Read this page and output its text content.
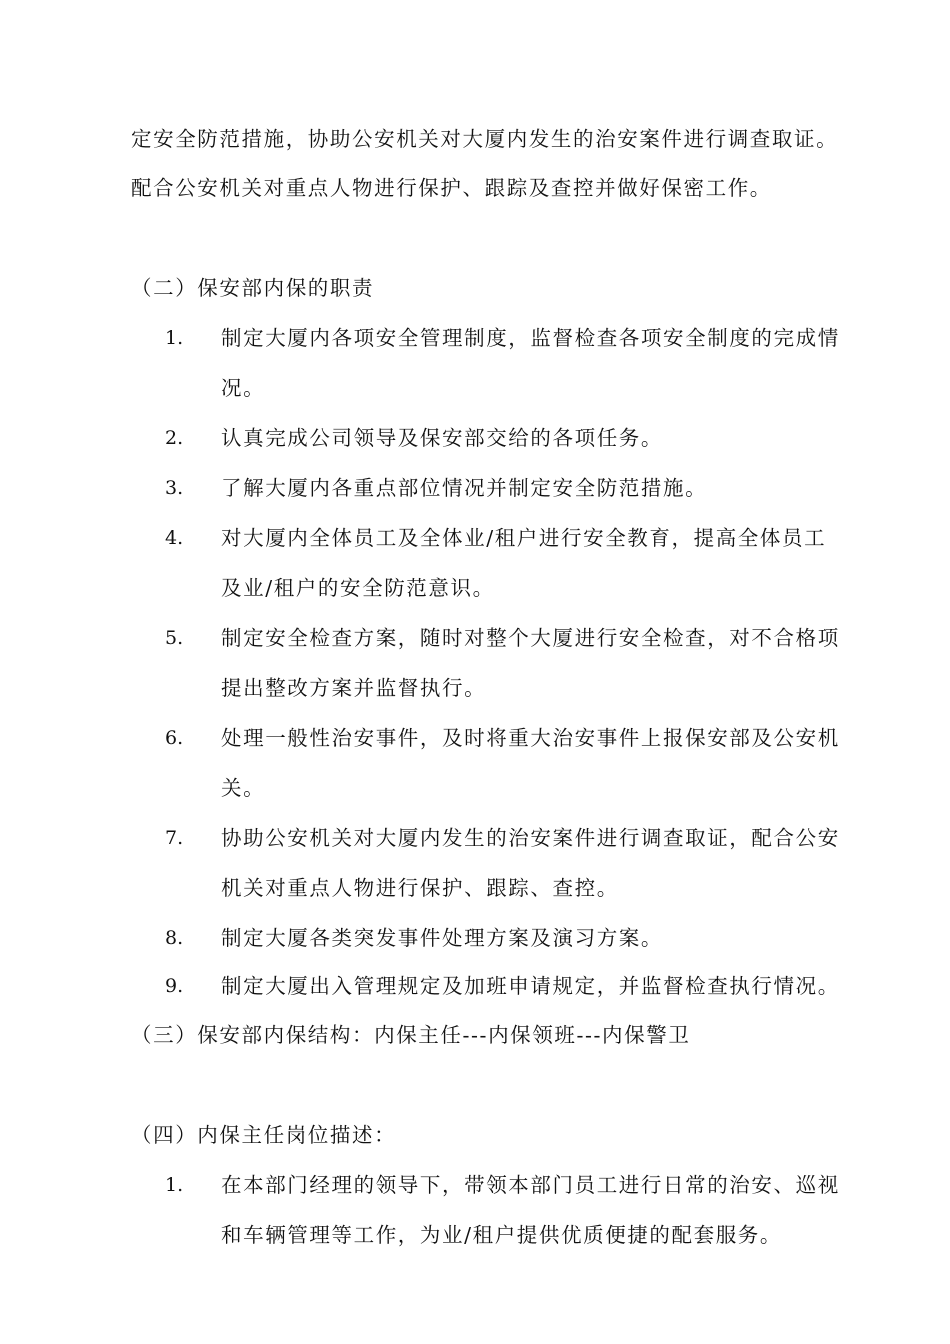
定安全防范措施，协助公安机关对大厦内发生的治安案件进行调查取证。
配合公安机关对重点人物进行保护、跟踪及查控并做好保密工作。
（二）保安部内保的职责
1. 制定大厦内各项安全管理制度，监督检查各项安全制度的完成情
况。
2. 认真完成公司领导及保安部交给的各项任务。
3. 了解大厦内各重点部位情况并制定安全防范措施。
4. 对大厦内全体员工及全体业/租户进行安全教育，提高全体员工
及业/租户的安全防范意识。
5. 制定安全检查方案，随时对整个大厦进行安全检查，对不合格项
提出整改方案并监督执行。
6. 处理一般性治安事件，及时将重大治安事件上报保安部及公安机
关。
7. 协助公安机关对大厦内发生的治安案件进行调查取证，配合公安
机关对重点人物进行保护、跟踪、查控。
8. 制定大厦各类突发事件处理方案及演习方案。
9. 制定大厦出入管理规定及加班申请规定，并监督检查执行情况。
（三）保安部内保结构：内保主任---内保领班---内保警卫
（四）内保主任岗位描述：
1. 在本部门经理的领导下，带领本部门员工进行日常的治安、巡视
和车辆管理等工作，为业/租户提供优质便捷的配套服务。
